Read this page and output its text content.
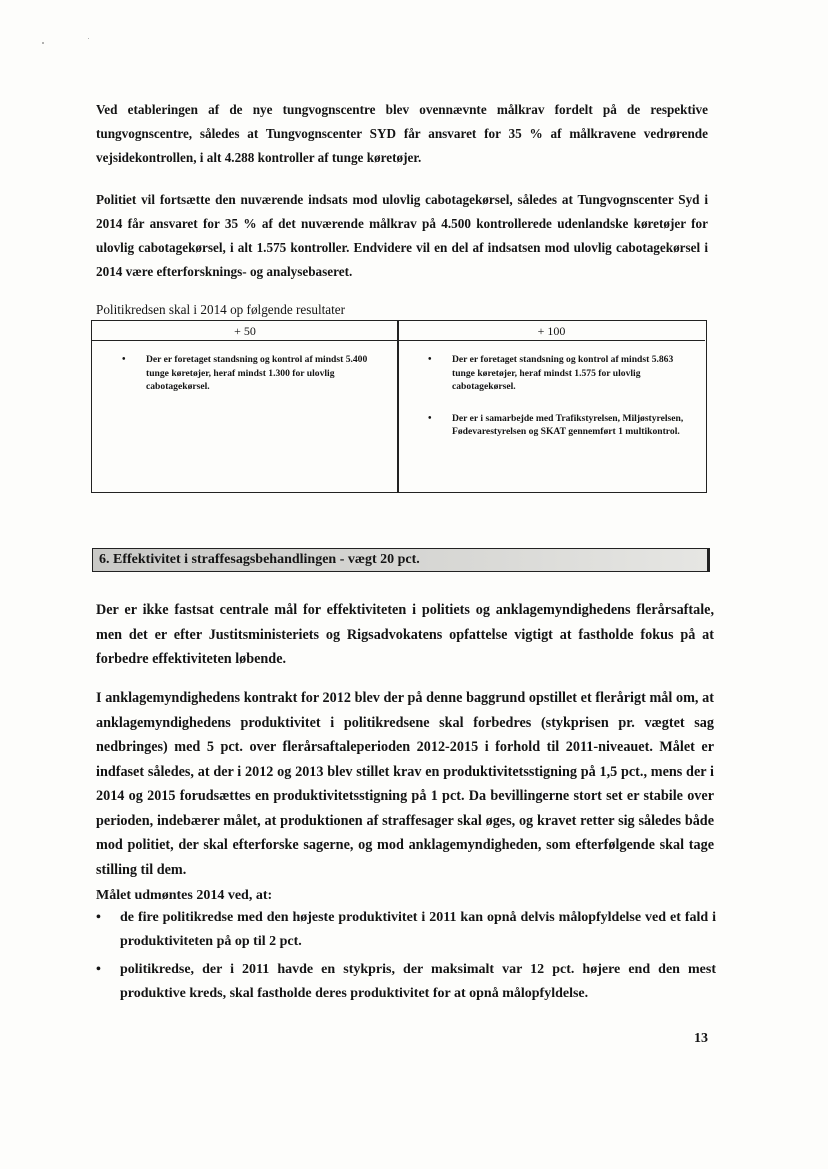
Ved etableringen af de nye tungvognscentre blev ovennævnte målkrav fordelt på de respektive tungvognscentre, således at Tungvognscenter SYD får ansvaret for 35 % af målkravene vedrørende vejsidekontrollen, i alt 4.288 kontroller af tunge køretøjer.

Politiet vil fortsætte den nuværende indsats mod ulovlig cabotagekørsel, således at Tungvognscenter Syd i 2014 får ansvaret for 35 % af det nuværende målkrav på 4.500 kontrollerede udenlandske køretøjer for ulovlig cabotagekørsel, i alt 1.575 kontroller. Endvidere vil en del af indsatsen mod ulovlig cabotagekørsel i 2014 være efterforsknings- og analysebaseret.

Politikredsen skal i 2014 op følgende resultater
+ 50	+ 100
• Der er foretaget standsning og kontrol af mindst 5.400 tunge køretøjer, heraf mindst 1.300 for ulovlig cabotagekørsel.
• Der er foretaget standsning og kontrol af mindst 5.863 tunge køretøjer, heraf mindst 1.575 for ulovlig cabotagekørsel.
• Der er i samarbejde med Trafikstyrelsen, Miljøstyrelsen, Fødevarestyrelsen og SKAT gennemført 1 multikontrol.
6. Effektivitet i straffesagsbehandlingen - vægt 20 pct.

Der er ikke fastsat centrale mål for effektiviteten i politiets og anklagemyndighedens flerårsaftale, men det er efter Justitsministeriets og Rigsadvokatens opfattelse vigtigt at fastholde fokus på at forbedre effektiviteten løbende.

I anklagemyndighedens kontrakt for 2012 blev der på denne baggrund opstillet et flerårigt mål om, at anklagemyndighedens produktivitet i politikredsene skal forbedres (stykprisen pr. vægtet sag nedbringes) med 5 pct. over flerårsaftaleperioden 2012-2015 i forhold til 2011-niveauet. Målet er indfaset således, at der i 2012 og 2013 blev stillet krav en produktivitetsstigning på 1,5 pct., mens der i 2014 og 2015 forudsættes en produktivitetsstigning på 1 pct. Da bevillingerne stort set er stabile over perioden, indebærer målet, at produktionen af straffesager skal øges, og kravet retter sig således både mod politiet, der skal efterforske sagerne, og mod anklagemyndigheden, som efterfølgende skal tage stilling til dem.

Målet udmøntes 2014 ved, at:

• de fire politikredse med den højeste produktivitet i 2011 kan opnå delvis målopfyldelse ved et fald i produktiviteten på op til 2 pct.
• politikredse, der i 2011 havde en stykpris, der maksimalt var 12 pct. højere end den mest produktive kreds, skal fastholde deres produktivitet for at opnå målopfyldelse.
13
